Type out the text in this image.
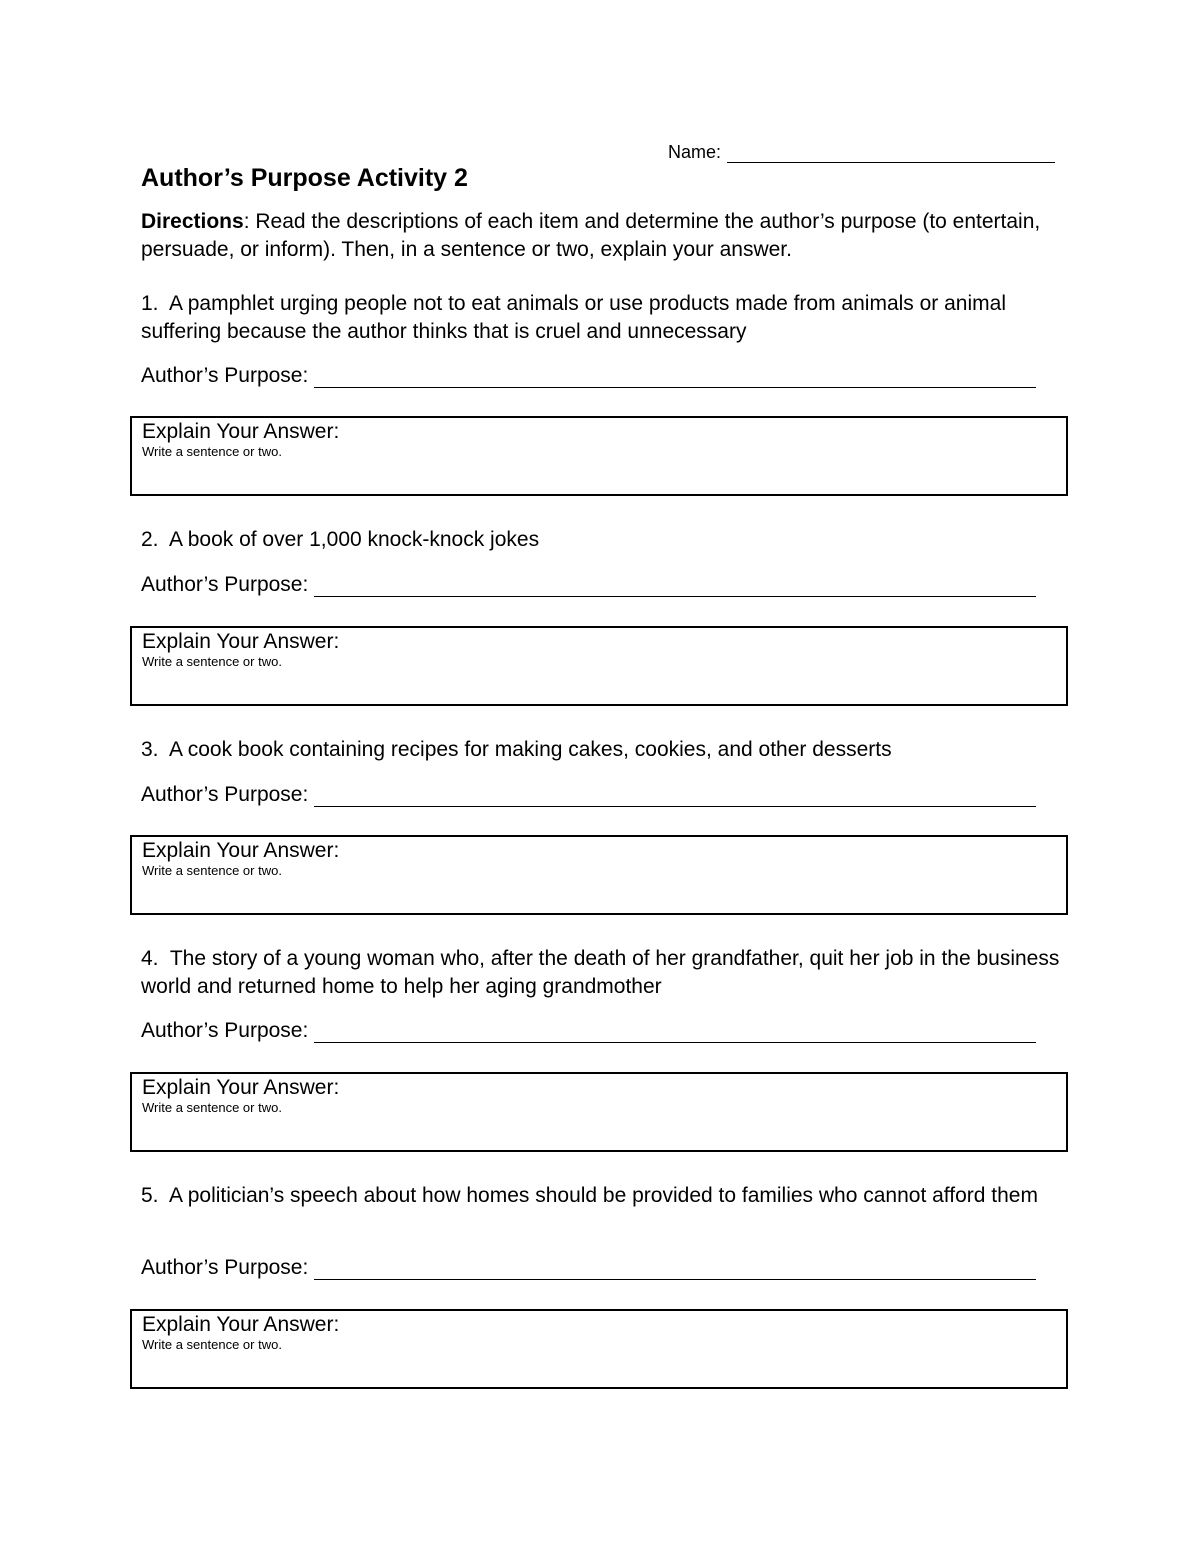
Name:
Author’s Purpose Activity 2

Directions: Read the descriptions of each item and determine the author’s purpose (to entertain, persuade, or inform). Then, in a sentence or two, explain your answer.

1. A pamphlet urging people not to eat animals or use products made from animals or animal suffering because the author thinks that is cruel and unnecessary

Author’s Purpose:
Explain Your Answer:
Write a sentence or two.

2. A book of over 1,000 knock-knock jokes

Author’s Purpose:
Explain Your Answer:
Write a sentence or two.

3. A cook book containing recipes for making cakes, cookies, and other desserts

Author’s Purpose:
Explain Your Answer:
Write a sentence or two.

4. The story of a young woman who, after the death of her grandfather, quit her job in the business world and returned home to help her aging grandmother

Author’s Purpose:
Explain Your Answer:
Write a sentence or two.

5. A politician’s speech about how homes should be provided to families who cannot afford them

Author’s Purpose:
Explain Your Answer:
Write a sentence or two.
